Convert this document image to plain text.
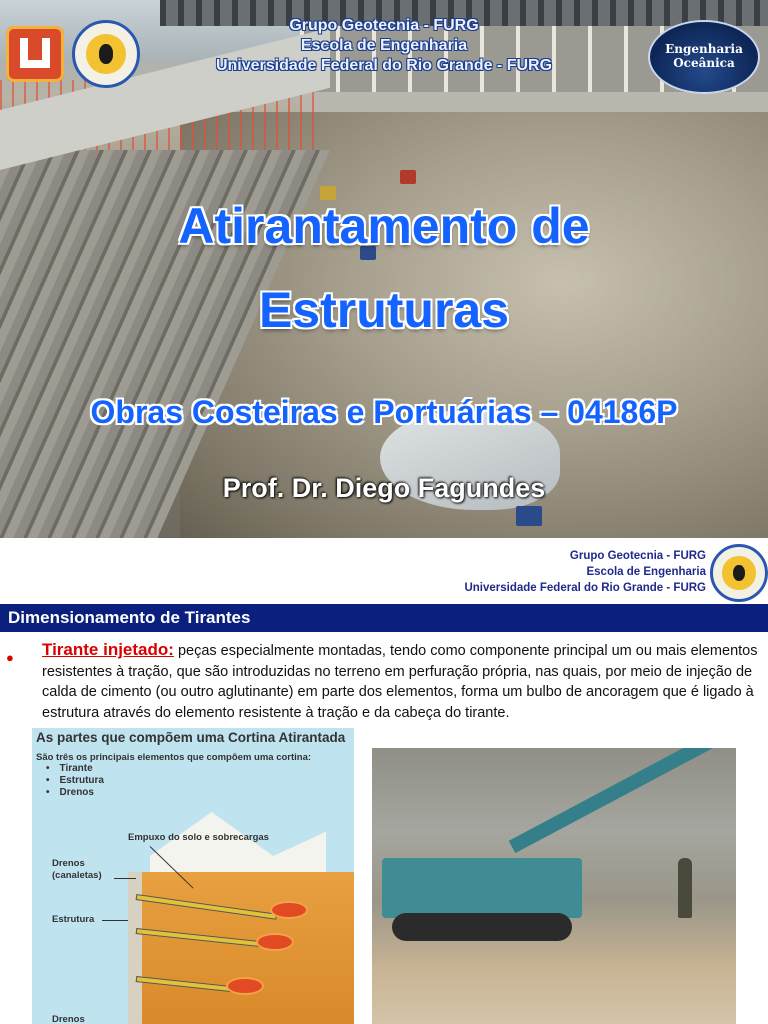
Engenharia
Oceânica
Grupo Geotecnia - FURG
Escola de Engenharia
Universidade Federal do Rio Grande - FURG
Atirantamento de
Estruturas
Obras Costeiras e Portuárias – 04186P
Prof. Dr. Diego Fagundes
Grupo Geotecnia - FURG
Escola de Engenharia
Universidade Federal do Rio Grande - FURG
Dimensionamento de Tirantes
● Tirante injetado: peças especialmente montadas, tendo como componente principal um ou mais elementos resistentes à tração, que são introduzidas no terreno em perfuração própria, nas quais, por meio de injeção de calda de cimento (ou outro aglutinante) em parte dos elementos, forma um bulbo de ancoragem que é ligado à estrutura através do elemento resistente à tração e da cabeça do tirante.
As partes que compõem uma Cortina Atirantada
São três os principais elementos que compõem uma cortina:
• Tirante
• Estrutura
• Drenos
Empuxo do solo e sobrecargas
Drenos
(canaletas)
Estrutura
Drenos
